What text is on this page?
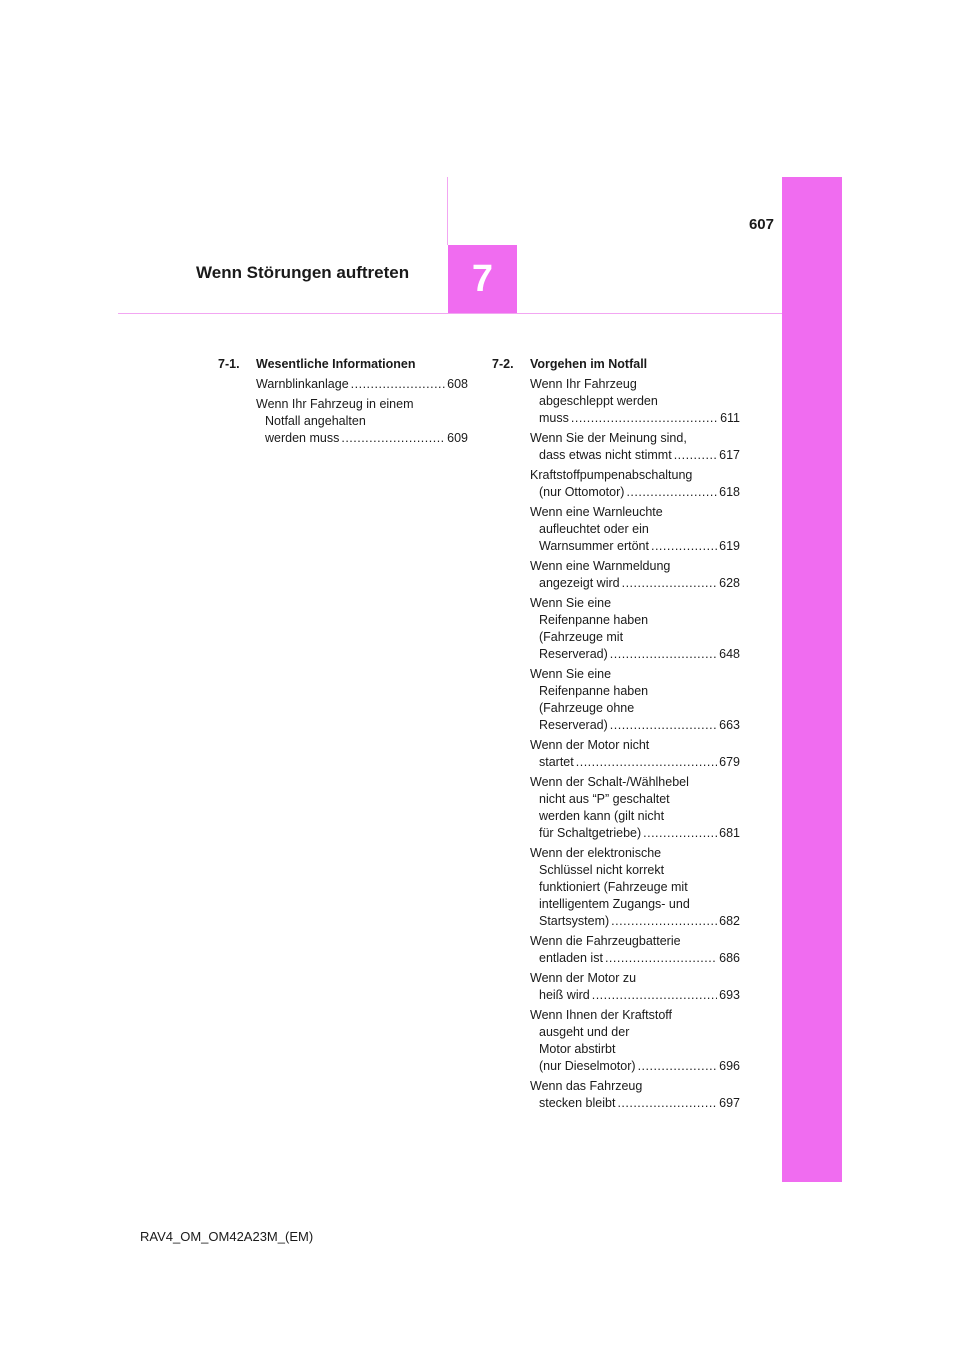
7
607
Wenn Störungen auftreten
7-1.	Wesentliche Informationen
Warnblinkanlage .....	608
Wenn Ihr Fahrzeug in einem
Notfall angehalten
werden muss .....	609
7-2.	Vorgehen im Notfall
Wenn Ihr Fahrzeug
abgeschleppt werden
muss .....	611
Wenn Sie der Meinung sind,
dass etwas nicht stimmt .....	617
Kraftstoffpumpenabschaltung
(nur Ottomotor) .....	618
Wenn eine Warnleuchte
aufleuchtet oder ein
Warnsummer ertönt .....	619
Wenn eine Warnmeldung
angezeigt wird .....	628
Wenn Sie eine
Reifenpanne haben
(Fahrzeuge mit
Reserverad) .....	648
Wenn Sie eine
Reifenpanne haben
(Fahrzeuge ohne
Reserverad) .....	663
Wenn der Motor nicht
startet .....	679
Wenn der Schalt-/Wählhebel
nicht aus “P” geschaltet
werden kann (gilt nicht
für Schaltgetriebe) .....	681
Wenn der elektronische
Schlüssel nicht korrekt
funktioniert (Fahrzeuge mit
intelligentem Zugangs- und
Startsystem) .....	682
Wenn die Fahrzeugbatterie
entladen ist .....	686
Wenn der Motor zu
heiß wird .....	693
Wenn Ihnen der Kraftstoff
ausgeht und der
Motor abstirbt
(nur Dieselmotor) .....	696
Wenn das Fahrzeug
stecken bleibt .....	697
RAV4_OM_OM42A23M_(EM)
